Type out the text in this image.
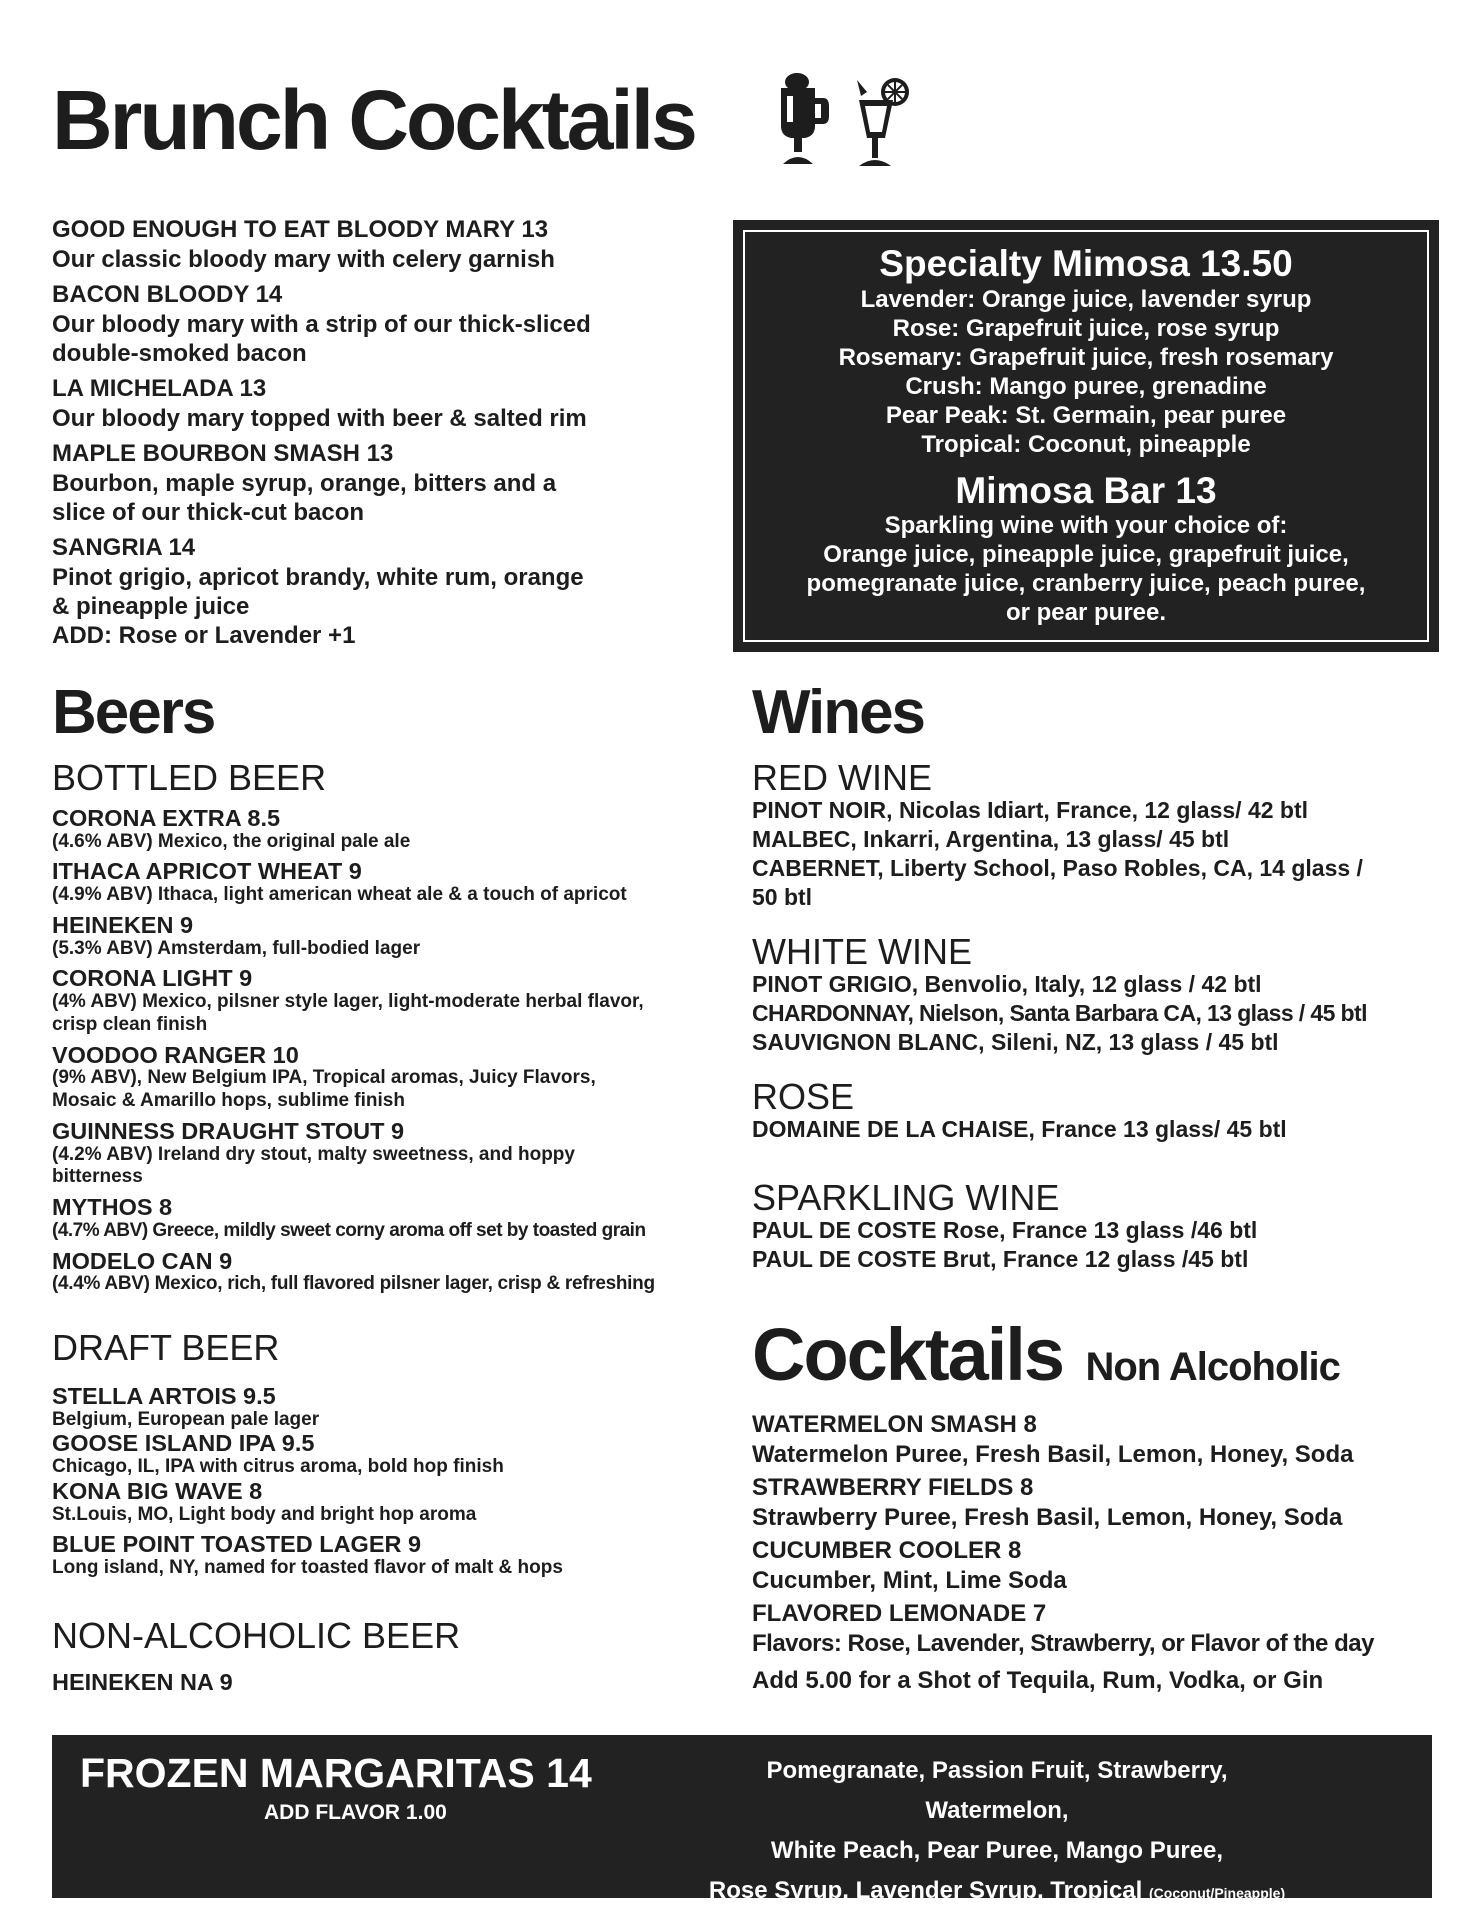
Brunch Cocktails
GOOD ENOUGH TO EAT BLOODY MARY 13
Our classic bloody mary with celery garnish
BACON BLOODY 14
Our bloody mary with a strip of our thick-sliced
double-smoked bacon
LA MICHELADA 13
Our bloody mary topped with beer & salted rim
MAPLE BOURBON SMASH 13
Bourbon, maple syrup, orange, bitters and a
slice of our thick-cut bacon
SANGRIA 14
Pinot grigio, apricot brandy, white rum, orange
& pineapple juice
ADD: Rose or Lavender +1
Specialty Mimosa 13.50
Lavender: Orange juice, lavender syrup
Rose: Grapefruit juice, rose syrup
Rosemary: Grapefruit juice, fresh rosemary
Crush: Mango puree, grenadine
Pear Peak: St. Germain, pear puree
Tropical: Coconut, pineapple
Mimosa Bar 13
Sparkling wine with your choice of:
Orange juice, pineapple juice, grapefruit juice,
pomegranate juice, cranberry juice, peach puree,
or pear puree.
Beers
BOTTLED BEER
CORONA EXTRA 8.5
(4.6% ABV) Mexico, the original pale ale
ITHACA APRICOT WHEAT 9
(4.9% ABV) Ithaca, light american wheat ale & a touch of apricot
HEINEKEN 9
(5.3% ABV) Amsterdam, full-bodied lager
CORONA LIGHT 9
(4% ABV) Mexico, pilsner style lager, light-moderate herbal flavor,
crisp clean finish
VOODOO RANGER 10
(9% ABV), New Belgium IPA, Tropical aromas, Juicy Flavors,
Mosaic & Amarillo hops, sublime finish
GUINNESS DRAUGHT STOUT 9
(4.2% ABV) Ireland dry stout, malty sweetness, and hoppy
bitterness
MYTHOS 8
(4.7% ABV) Greece, mildly sweet corny aroma off set by toasted grain
MODELO CAN 9
(4.4% ABV) Mexico, rich, full flavored pilsner lager, crisp & refreshing
DRAFT BEER
STELLA ARTOIS 9.5
Belgium, European pale lager
GOOSE ISLAND IPA 9.5
Chicago, IL, IPA with citrus aroma, bold hop finish
KONA BIG WAVE 8
St.Louis, MO, Light body and bright hop aroma
BLUE POINT TOASTED LAGER 9
Long island, NY, named for toasted flavor of malt & hops
NON-ALCOHOLIC BEER
HEINEKEN NA 9
Wines
RED WINE
PINOT NOIR, Nicolas Idiart, France, 12 glass/ 42 btl
MALBEC, Inkarri, Argentina, 13 glass/ 45 btl
CABERNET, Liberty School, Paso Robles, CA, 14 glass /
50 btl
WHITE WINE
PINOT GRIGIO, Benvolio, Italy, 12 glass / 42 btl
CHARDONNAY, Nielson, Santa Barbara CA, 13 glass / 45 btl
SAUVIGNON BLANC, Sileni, NZ, 13 glass / 45 btl
ROSE
DOMAINE DE LA CHAISE, France 13 glass/ 45 btl
SPARKLING WINE
PAUL DE COSTE Rose, France 13 glass /46 btl
PAUL DE COSTE Brut, France 12 glass /45 btl
Cocktails Non Alcoholic
WATERMELON SMASH 8
Watermelon Puree, Fresh Basil, Lemon, Honey, Soda
STRAWBERRY FIELDS 8
Strawberry Puree, Fresh Basil, Lemon, Honey, Soda
CUCUMBER COOLER 8
Cucumber, Mint, Lime Soda
FLAVORED LEMONADE 7
Flavors: Rose, Lavender, Strawberry, or Flavor of the day
Add 5.00 for a Shot of Tequila, Rum, Vodka, or Gin
FROZEN MARGARITAS 14
ADD FLAVOR 1.00
Pomegranate, Passion Fruit, Strawberry, Watermelon,
White Peach, Pear Puree, Mango Puree,
Rose Syrup, Lavender Syrup, Tropical (Coconut/Pineapple)
